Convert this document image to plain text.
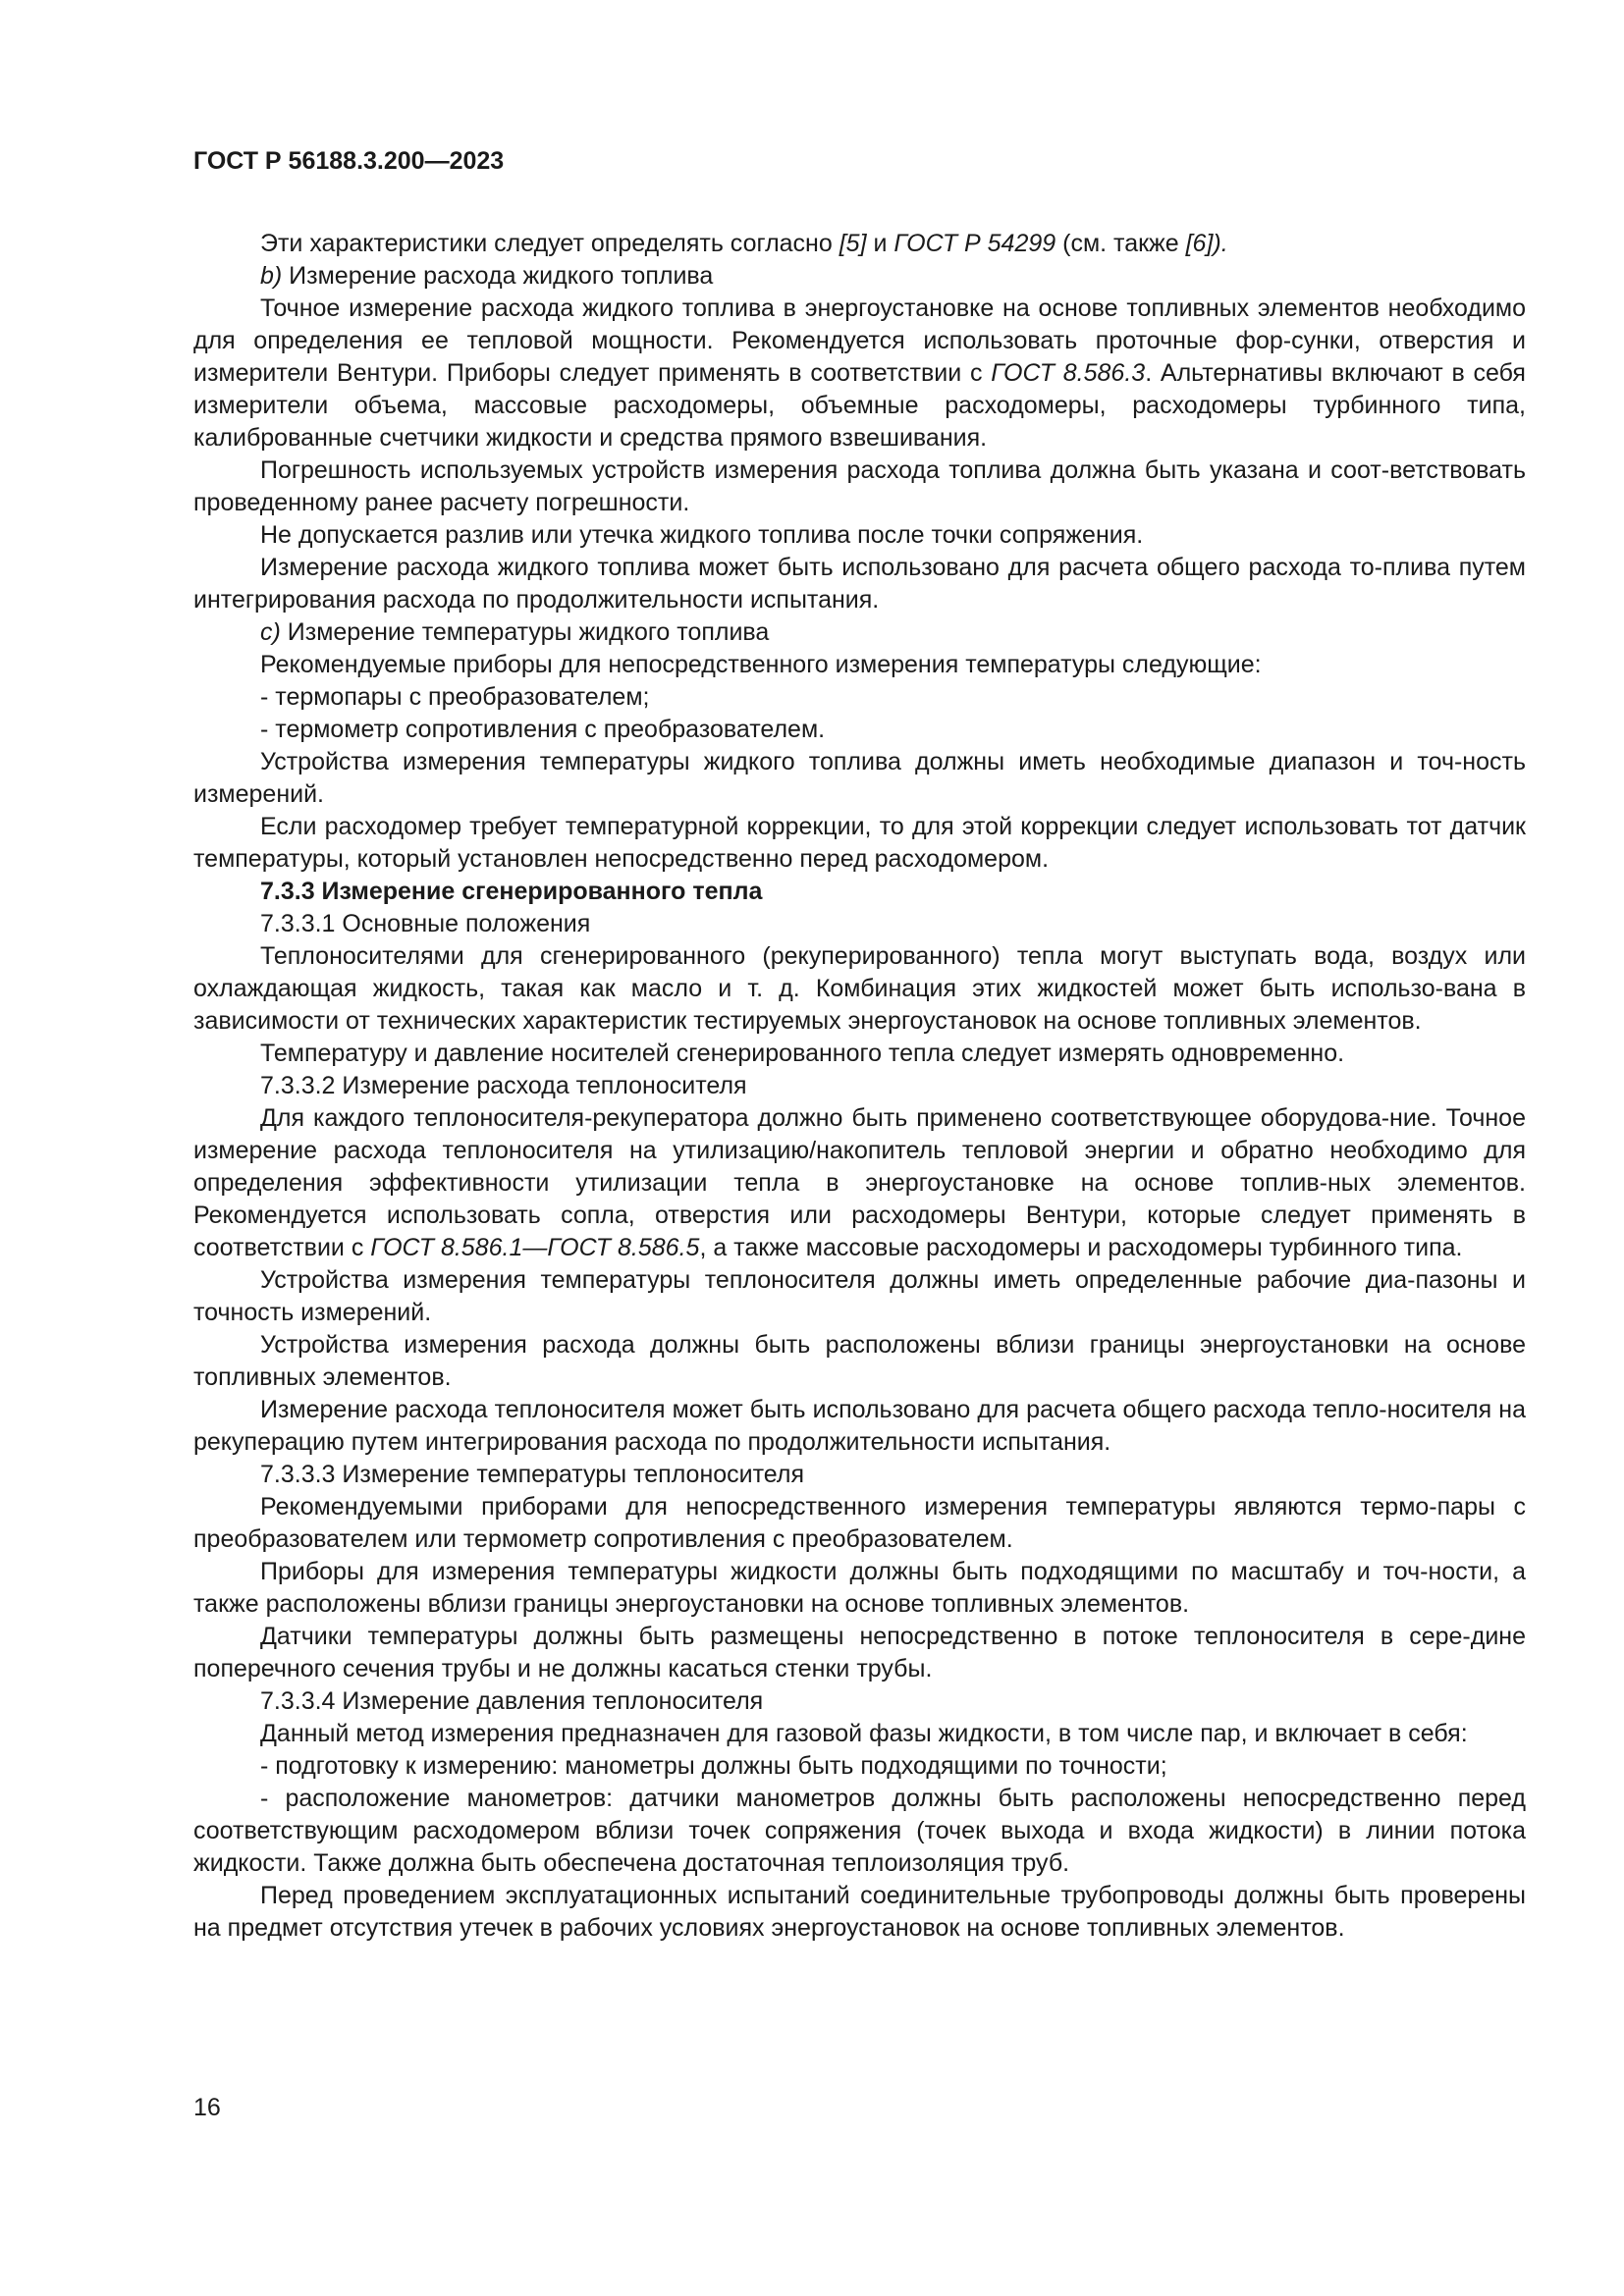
ГОСТ Р 56188.3.200—2023

Эти характеристики следует определять согласно [5] и ГОСТ Р 54299 (см. также [6]).

b) Измерение расхода жидкого топлива

Точное измерение расхода жидкого топлива в энергоустановке на основе топливных элементов необходимо для определения ее тепловой мощности. Рекомендуется использовать проточные фор-сунки, отверстия и измерители Вентури. Приборы следует применять в соответствии с ГОСТ 8.586.3. Альтернативы включают в себя измерители объема, массовые расходомеры, объемные расходомеры, расходомеры турбинного типа, калиброванные счетчики жидкости и средства прямого взвешивания.

Погрешность используемых устройств измерения расхода топлива должна быть указана и соот-ветствовать проведенному ранее расчету погрешности.

Не допускается разлив или утечка жидкого топлива после точки сопряжения.

Измерение расхода жидкого топлива может быть использовано для расчета общего расхода то-плива путем интегрирования расхода по продолжительности испытания.

c) Измерение температуры жидкого топлива

Рекомендуемые приборы для непосредственного измерения температуры следующие:

- термопары с преобразователем;

- термометр сопротивления с преобразователем.

Устройства измерения температуры жидкого топлива должны иметь необходимые диапазон и точ-ность измерений.

Если расходомер требует температурной коррекции, то для этой коррекции следует использовать тот датчик температуры, который установлен непосредственно перед расходомером.

7.3.3 Измерение сгенерированного тепла

7.3.3.1 Основные положения

Теплоносителями для сгенерированного (рекуперированного) тепла могут выступать вода, воздух или охлаждающая жидкость, такая как масло и т. д. Комбинация этих жидкостей может быть использо-вана в зависимости от технических характеристик тестируемых энергоустановок на основе топливных элементов.

Температуру и давление носителей сгенерированного тепла следует измерять одновременно.

7.3.3.2 Измерение расхода теплоносителя

Для каждого теплоносителя-рекуператора должно быть применено соответствующее оборудова-ние. Точное измерение расхода теплоносителя на утилизацию/накопитель тепловой энергии и обратно необходимо для определения эффективности утилизации тепла в энергоустановке на основе топлив-ных элементов. Рекомендуется использовать сопла, отверстия или расходомеры Вентури, которые следует применять в соответствии с ГОСТ 8.586.1—ГОСТ 8.586.5, а также массовые расходомеры и расходомеры турбинного типа.

Устройства измерения температуры теплоносителя должны иметь определенные рабочие диа-пазоны и точность измерений.

Устройства измерения расхода должны быть расположены вблизи границы энергоустановки на основе топливных элементов.

Измерение расхода теплоносителя может быть использовано для расчета общего расхода тепло-носителя на рекуперацию путем интегрирования расхода по продолжительности испытания.

7.3.3.3 Измерение температуры теплоносителя

Рекомендуемыми приборами для непосредственного измерения температуры являются термо-пары с преобразователем или термометр сопротивления с преобразователем.

Приборы для измерения температуры жидкости должны быть подходящими по масштабу и точ-ности, а также расположены вблизи границы энергоустановки на основе топливных элементов.

Датчики температуры должны быть размещены непосредственно в потоке теплоносителя в сере-дине поперечного сечения трубы и не должны касаться стенки трубы.

7.3.3.4 Измерение давления теплоносителя

Данный метод измерения предназначен для газовой фазы жидкости, в том числе пар, и включает в себя:

- подготовку к измерению: манометры должны быть подходящими по точности;

- расположение манометров: датчики манометров должны быть расположены непосредственно перед соответствующим расходомером вблизи точек сопряжения (точек выхода и входа жидкости) в линии потока жидкости. Также должна быть обеспечена достаточная теплоизоляция труб.

Перед проведением эксплуатационных испытаний соединительные трубопроводы должны быть проверены на предмет отсутствия утечек в рабочих условиях энергоустановок на основе топливных элементов.

16
